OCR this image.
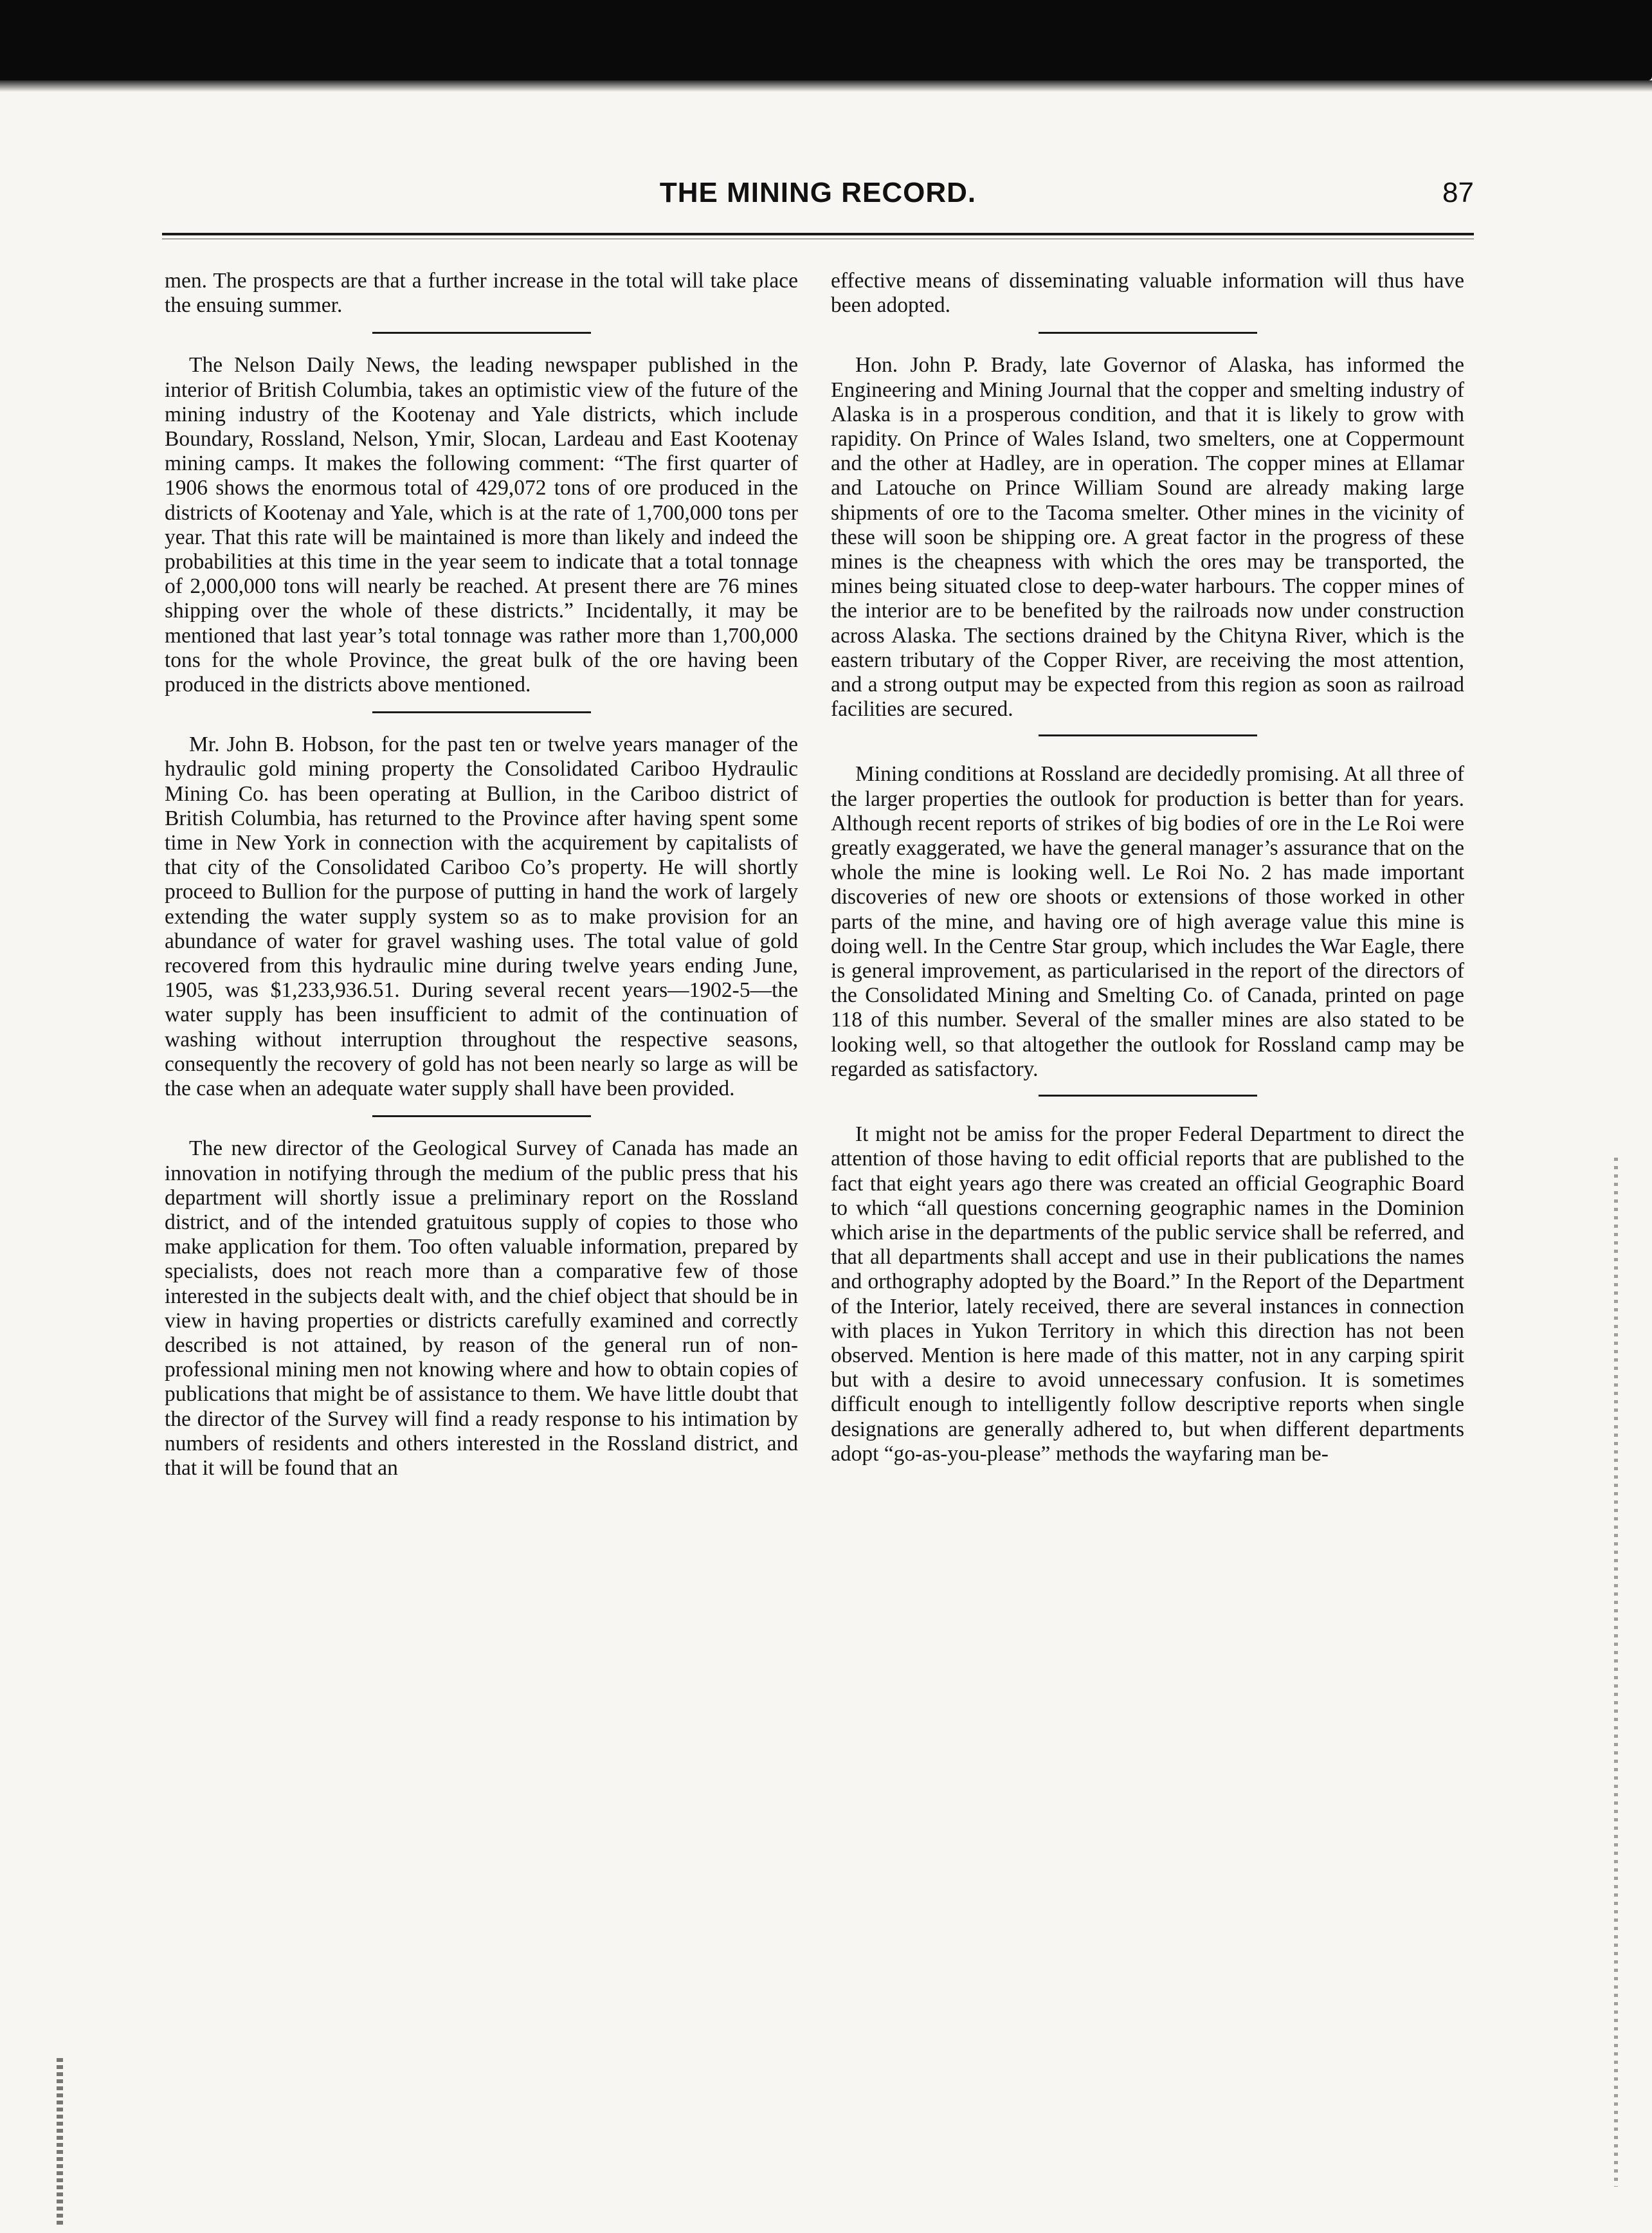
THE MINING RECORD.	87

men. The prospects are that a further increase in the total will take place the ensuing summer.

The Nelson Daily News, the leading newspaper published in the interior of British Columbia, takes an optimistic view of the future of the mining industry of the Kootenay and Yale districts, which include Boundary, Rossland, Nelson, Ymir, Slocan, Lardeau and East Kootenay mining camps. It makes the following comment: “The first quarter of 1906 shows the enormous total of 429,072 tons of ore produced in the districts of Kootenay and Yale, which is at the rate of 1,700,000 tons per year. That this rate will be maintained is more than likely and indeed the probabilities at this time in the year seem to indicate that a total tonnage of 2,000,000 tons will nearly be reached. At present there are 76 mines shipping over the whole of these districts.” Incidentally, it may be mentioned that last year’s total tonnage was rather more than 1,700,000 tons for the whole Province, the great bulk of the ore having been produced in the districts above mentioned.

Mr. John B. Hobson, for the past ten or twelve years manager of the hydraulic gold mining property the Consolidated Cariboo Hydraulic Mining Co. has been operating at Bullion, in the Cariboo district of British Columbia, has returned to the Province after having spent some time in New York in connection with the acquirement by capitalists of that city of the Consolidated Cariboo Co’s property. He will shortly proceed to Bullion for the purpose of putting in hand the work of largely extending the water supply system so as to make provision for an abundance of water for gravel washing uses. The total value of gold recovered from this hydraulic mine during twelve years ending June, 1905, was $1,233,936.51. During several recent years—1902-5—the water supply has been insufficient to admit of the continuation of washing without interruption throughout the respective seasons, consequently the recovery of gold has not been nearly so large as will be the case when an adequate water supply shall have been provided.

The new director of the Geological Survey of Canada has made an innovation in notifying through the medium of the public press that his department will shortly issue a preliminary report on the Rossland district, and of the intended gratuitous supply of copies to those who make application for them. Too often valuable information, prepared by specialists, does not reach more than a comparative few of those interested in the subjects dealt with, and the chief object that should be in view in having properties or districts carefully examined and correctly described is not attained, by reason of the general run of non-professional mining men not knowing where and how to obtain copies of publications that might be of assistance to them. We have little doubt that the director of the Survey will find a ready response to his intimation by numbers of residents and others interested in the Rossland district, and that it will be found that an

effective means of disseminating valuable information will thus have been adopted.

Hon. John P. Brady, late Governor of Alaska, has informed the Engineering and Mining Journal that the copper and smelting industry of Alaska is in a prosperous condition, and that it is likely to grow with rapidity. On Prince of Wales Island, two smelters, one at Coppermount and the other at Hadley, are in operation. The copper mines at Ellamar and Latouche on Prince William Sound are already making large shipments of ore to the Tacoma smelter. Other mines in the vicinity of these will soon be shipping ore. A great factor in the progress of these mines is the cheapness with which the ores may be transported, the mines being situated close to deep-water harbours. The copper mines of the interior are to be benefited by the railroads now under construction across Alaska. The sections drained by the Chityna River, which is the eastern tributary of the Copper River, are receiving the most attention, and a strong output may be expected from this region as soon as railroad facilities are secured.

Mining conditions at Rossland are decidedly promising. At all three of the larger properties the outlook for production is better than for years. Although recent reports of strikes of big bodies of ore in the Le Roi were greatly exaggerated, we have the general manager’s assurance that on the whole the mine is looking well. Le Roi No. 2 has made important discoveries of new ore shoots or extensions of those worked in other parts of the mine, and having ore of high average value this mine is doing well. In the Centre Star group, which includes the War Eagle, there is general improvement, as particularised in the report of the directors of the Consolidated Mining and Smelting Co. of Canada, printed on page 118 of this number. Several of the smaller mines are also stated to be looking well, so that altogether the outlook for Rossland camp may be regarded as satisfactory.

It might not be amiss for the proper Federal Department to direct the attention of those having to edit official reports that are published to the fact that eight years ago there was created an official Geographic Board to which “all questions concerning geographic names in the Dominion which arise in the departments of the public service shall be referred, and that all departments shall accept and use in their publications the names and orthography adopted by the Board.” In the Report of the Department of the Interior, lately received, there are several instances in connection with places in Yukon Territory in which this direction has not been observed. Mention is here made of this matter, not in any carping spirit but with a desire to avoid unnecessary confusion. It is sometimes difficult enough to intelligently follow descriptive reports when single designations are generally adhered to, but when different departments adopt “go-as-you-please” methods the wayfaring man be-
